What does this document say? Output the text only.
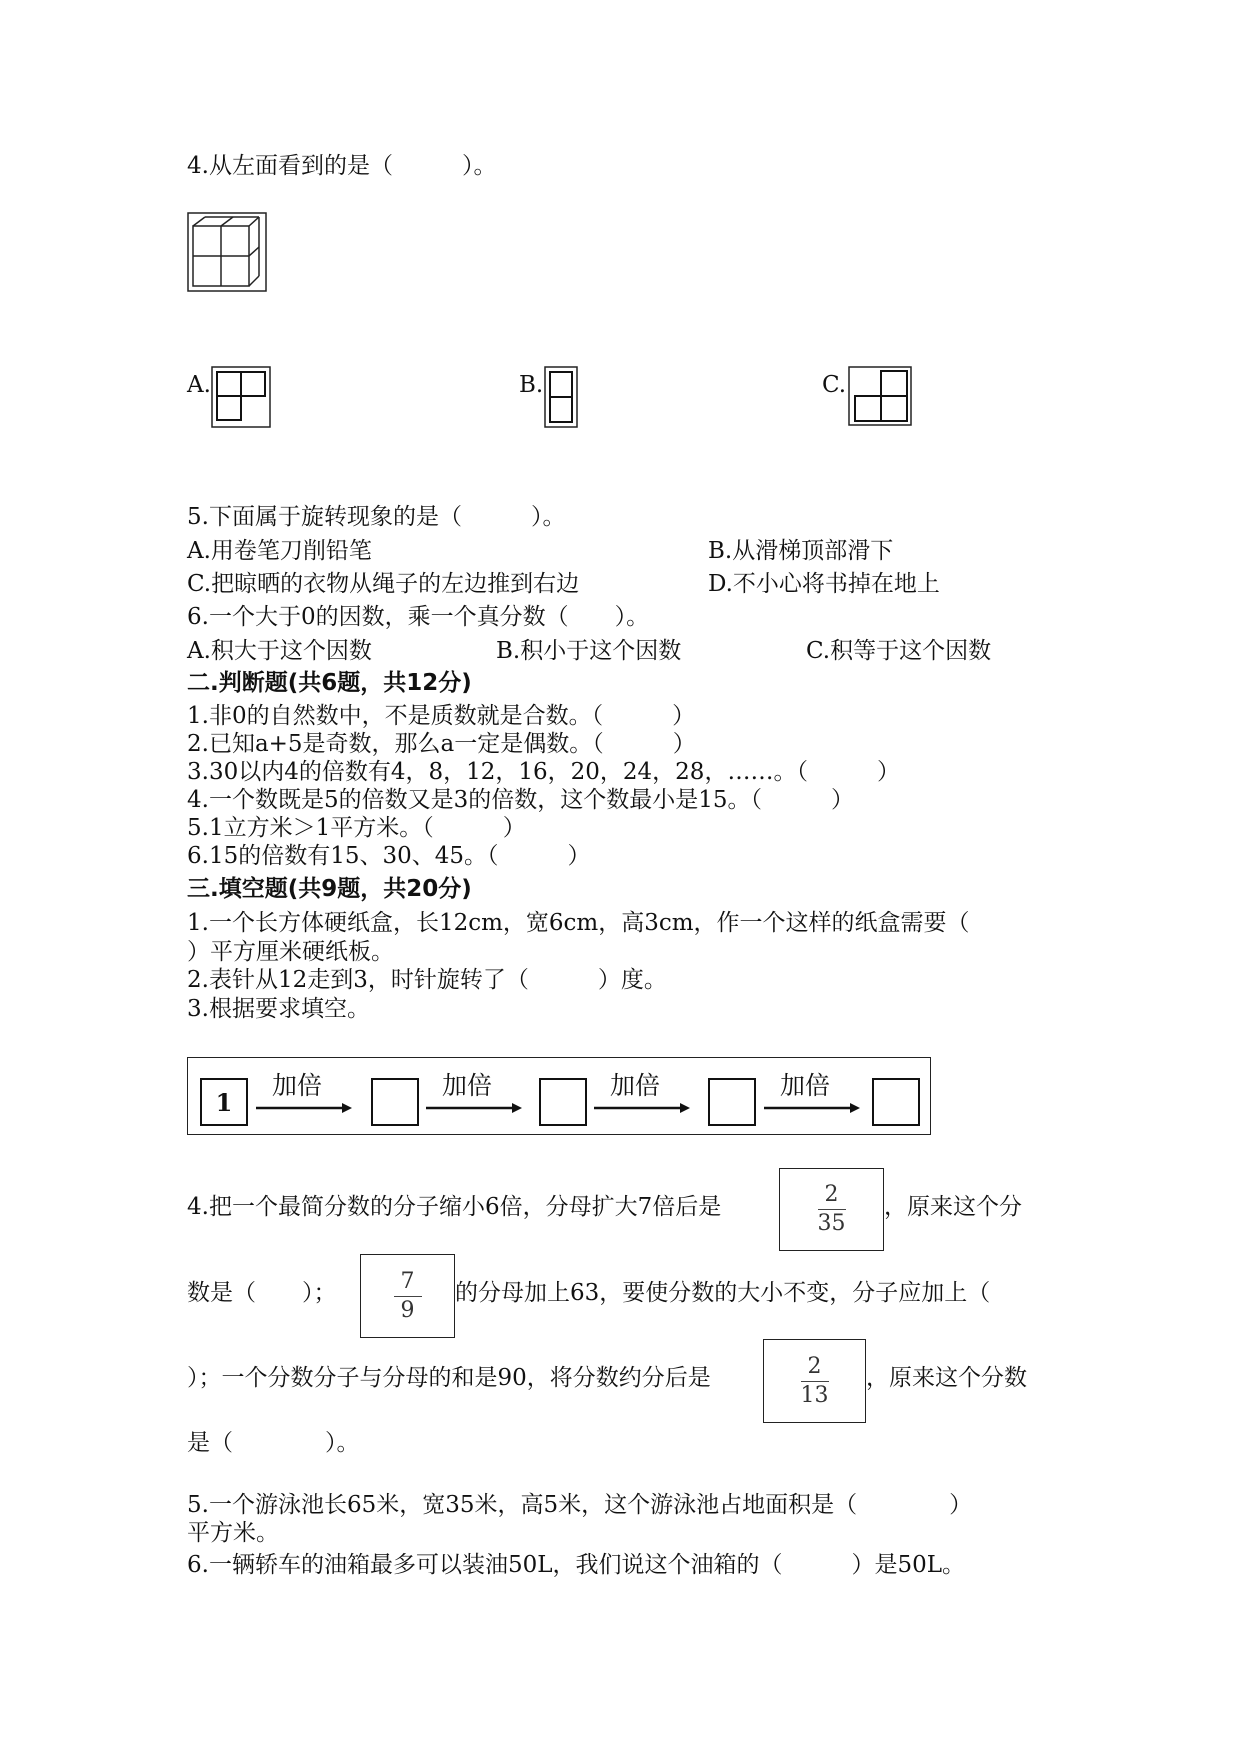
4.从左面看到的是（　　　）。
A.	B.	C.
5.下面属于旋转现象的是（　　　）。
A.用卷笔刀削铅笔	B.从滑梯顶部滑下
C.把晾晒的衣物从绳子的左边推到右边	D.不小心将书掉在地上
6.一个大于0的因数，乘一个真分数（　　）。
A.积大于这个因数	B.积小于这个因数	C.积等于这个因数
二.判断题(共6题，共12分)
1.非0的自然数中，不是质数就是合数。（　　　）
2.已知a+5是奇数，那么a一定是偶数。（　　　）
3.30以内4的倍数有4，8，12，16，20，24，28，……。（　　　）
4.一个数既是5的倍数又是3的倍数，这个数最小是15。（　　　）
5.1立方米＞1平方米。（　　　）
6.15的倍数有15、30、45。（　　　）
三.填空题(共9题，共20分)
1.一个长方体硬纸盒，长12cm，宽6cm，高3cm，作一个这样的纸盒需要（
）平方厘米硬纸板。
2.表针从12走到3，时针旋转了（　　　）度。
3.根据要求填空。
1
加倍	加倍	加倍	加倍
4.把一个最简分数的分子缩小6倍，分母扩大7倍后是	2
35
，原来这个分
数是（　　）；	7
9
的分母加上63，要使分数的大小不变，分子应加上（
）；一个分数分子与分母的和是90，将分数约分后是	2
13
，原来这个分数
是（　　　　）。
5.一个游泳池长65米，宽35米，高5米，这个游泳池占地面积是（　　　　）
平方米。
6.一辆轿车的油箱最多可以装油50L，我们说这个油箱的（　　　）是50L。
